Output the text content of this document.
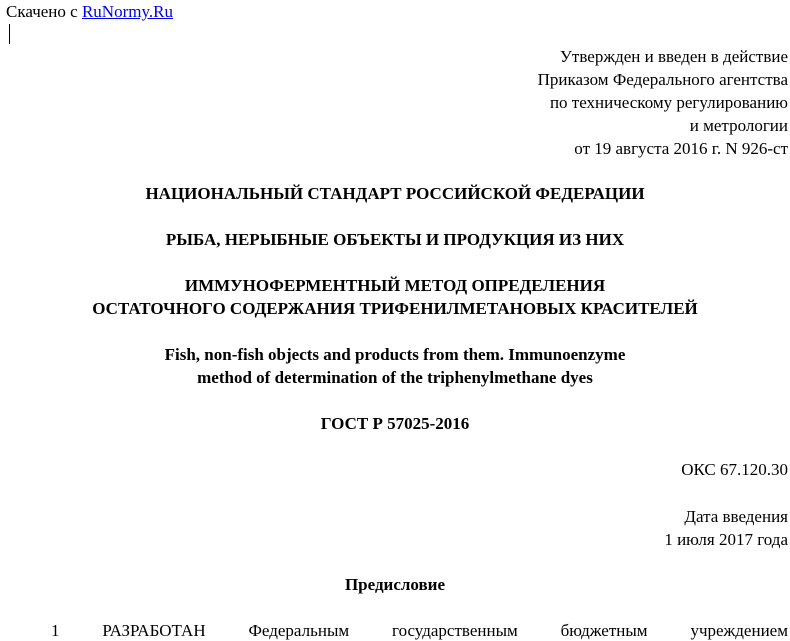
Скачено с RuNormy.Ru
Утвержден и введен в действие
Приказом Федерального агентства
по техническому регулированию
и метрологии
от 19 августа 2016 г. N 926-ст
НАЦИОНАЛЬНЫЙ СТАНДАРТ РОССИЙСКОЙ ФЕДЕРАЦИИ
РЫБА, НЕРЫБНЫЕ ОБЪЕКТЫ И ПРОДУКЦИЯ ИЗ НИХ
ИММУНОФЕРМЕНТНЫЙ МЕТОД ОПРЕДЕЛЕНИЯ
ОСТАТОЧНОГО СОДЕРЖАНИЯ ТРИФЕНИЛМЕТАНОВЫХ КРАСИТЕЛЕЙ
Fish, non-fish objects and products from them. Immunoenzyme
method of determination of the triphenylmethane dyes
ГОСТ Р 57025-2016
ОКС 67.120.30
Дата введения
1 июля 2017 года
Предисловие
1	РАЗРАБОТАН	Федеральным	государственным	бюджетным	учреждением
